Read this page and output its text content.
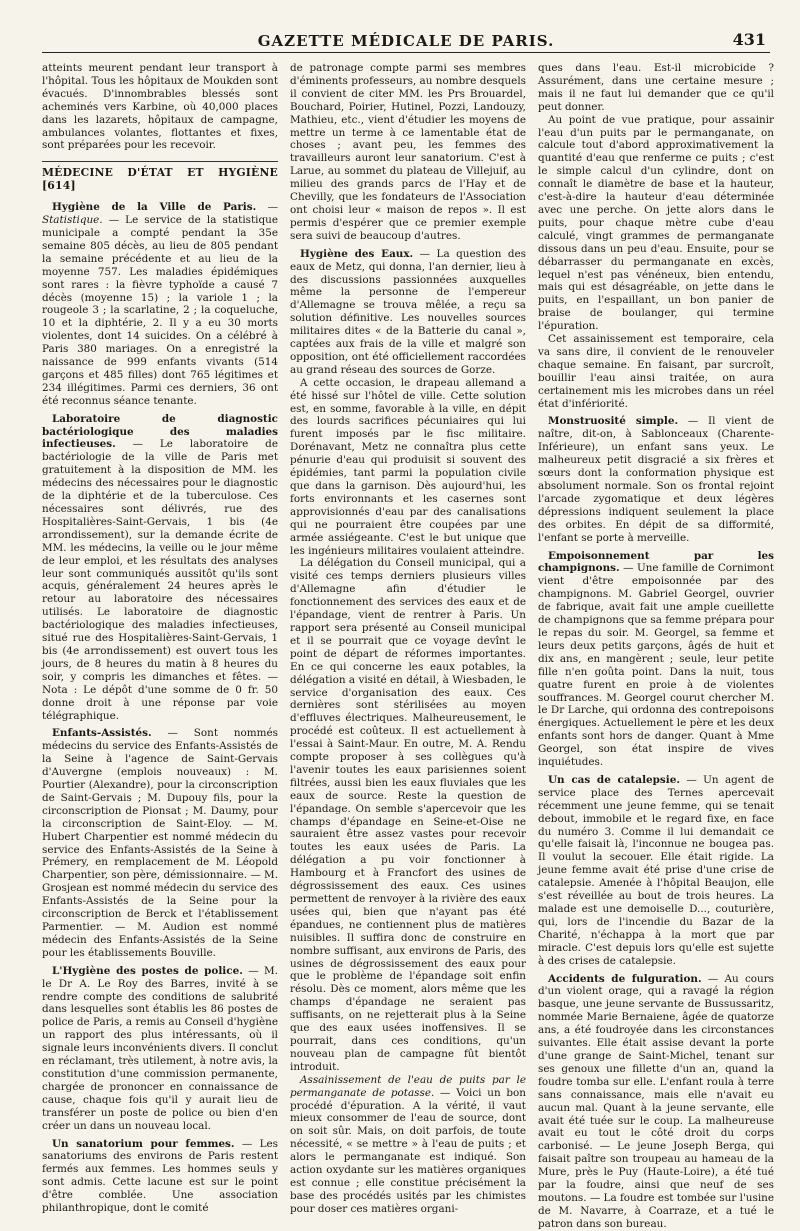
GAZETTE MÉDICALE DE PARIS.	431

atteints meurent pendant leur transport à l'hôpital. Tous les hôpitaux de Moukden sont évacués. D'innombrables blessés sont acheminés vers Karbine, où 40,000 places dans les lazarets, hôpitaux de campagne, ambulances volantes, flottantes et fixes, sont préparées pour les recevoir.

MÉDECINE D'ÉTAT ET HYGIÈNE [614]

Hygiène de la Ville de Paris. — Statistique. — Le service de la statistique municipale a compté pendant la 35e semaine 805 décès, au lieu de 805 pendant la semaine précédente et au lieu de la moyenne 757. Les maladies épidémiques sont rares : la fièvre typhoïde a causé 7 décès (moyenne 15) ; la variole 1 ; la rougeole 3 ; la scarlatine, 2 ; la coqueluche, 10 et la diphtérie, 2. Il y a eu 30 morts violentes, dont 14 suicides. On a célébré à Paris 380 mariages. On a enregistré la naissance de 999 enfants vivants (514 garçons et 485 filles) dont 765 légitimes et 234 illégitimes. Parmi ces derniers, 36 ont été reconnus séance tenante.

Laboratoire de diagnostic bactériologique des maladies infectieuses. — Le laboratoire de bactériologie de la ville de Paris met gratuitement à la disposition de MM. les médecins des nécessaires pour le diagnostic de la diphtérie et de la tuberculose. Ces nécessaires sont délivrés, rue des Hospitalières-Saint-Gervais, 1 bis (4e arrondissement), sur la demande écrite de MM. les médecins, la veille ou le jour même de leur emploi, et les résultats des analyses leur sont communiqués aussitôt qu'ils sont acquis, généralement 24 heures après le retour au laboratoire des nécessaires utilisés. Le laboratoire de diagnostic bactériologique des maladies infectieuses, situé rue des Hospitalières-Saint-Gervais, 1 bis (4e arrondissement) est ouvert tous les jours, de 8 heures du matin à 8 heures du soir, y compris les dimanches et fêtes. — Nota : Le dépôt d'une somme de 0 fr. 50 donne droit à une réponse par voie télégraphique.

Enfants-Assistés. — Sont nommés médecins du service des Enfants-Assistés de la Seine à l'agence de Saint-Gervais d'Auvergne (emplois nouveaux) : M. Pourtier (Alexandre), pour la circonscription de Saint-Gervais ; M. Dupouy fils, pour la circonscription de Pionsat ; M. Daumy, pour la circonscription de Saint-Eloy. — M. Hubert Charpentier est nommé médecin du service des Enfants-Assistés de la Seine à Prémery, en remplacement de M. Léopold Charpentier, son père, démissionnaire. — M. Grosjean est nommé médecin du service des Enfants-Assistés de la Seine pour la circonscription de Berck et l'établissement Parmentier. — M. Audion est nommé médecin des Enfants-Assistés de la Seine pour les établissements Bouville.

L'Hygiène des postes de police. — M. le Dr A. Le Roy des Barres, invité à se rendre compte des conditions de salubrité dans lesquelles sont établis les 86 postes de police de Paris, a remis au Conseil d'hygiène un rapport des plus intéressants, où il signale leurs inconvénients divers. Il conclut en réclamant, très utilement, à notre avis, la constitution d'une commission permanente, chargée de prononcer en connaissance de cause, chaque fois qu'il y aurait lieu de transférer un poste de police ou bien d'en créer un dans un nouveau local.

Un sanatorium pour femmes. — Les sanatoriums des environs de Paris restent fermés aux femmes. Les hommes seuls y sont admis. Cette lacune est sur le point d'être comblée. Une association philanthropique, dont le comité

de patronage compte parmi ses membres d'éminents professeurs, au nombre desquels il convient de citer MM. les Prs Brouardel, Bouchard, Poirier, Hutinel, Pozzi, Landouzy, Mathieu, etc., vient d'étudier les moyens de mettre un terme à ce lamentable état de choses ; avant peu, les femmes des travailleurs auront leur sanatorium. C'est à Larue, au sommet du plateau de Villejuif, au milieu des grands parcs de l'Hay et de Chevilly, que les fondateurs de l'Association ont choisi leur « maison de repos ». Il est permis d'espérer que ce premier exemple sera suivi de beaucoup d'autres.

Hygiène des Eaux. — La question des eaux de Metz, qui donna, l'an dernier, lieu à des discussions passionnées auxquelles même la personne de l'empereur d'Allemagne se trouva mêlée, a reçu sa solution définitive. Les nouvelles sources militaires dites « de la Batterie du canal », captées aux frais de la ville et malgré son opposition, ont été officiellement raccordées au grand réseau des sources de Gorze.

A cette occasion, le drapeau allemand a été hissé sur l'hôtel de ville. Cette solution est, en somme, favorable à la ville, en dépit des lourds sacrifices pécuniaires qui lui furent imposés par le fisc militaire. Dorénavant, Metz ne connaîtra plus cette pénurie d'eau qui produisit si souvent des épidémies, tant parmi la population civile que dans la garnison. Dès aujourd'hui, les forts environnants et les casernes sont approvisionnés d'eau par des canalisations qui ne pourraient être coupées par une armée assiégeante. C'est le but unique que les ingénieurs militaires voulaient atteindre.

La délégation du Conseil municipal, qui a visité ces temps derniers plusieurs villes d'Allemagne afin d'étudier le fonctionnement des services des eaux et de l'épandage, vient de rentrer à Paris. Un rapport sera présenté au Conseil municipal et il se pourrait que ce voyage devînt le point de départ de réformes importantes. En ce qui concerne les eaux potables, la délégation a visité en détail, à Wiesbaden, le service d'organisation des eaux. Ces dernières sont stérilisées au moyen d'effluves électriques. Malheureusement, le procédé est coûteux. Il est actuellement à l'essai à Saint-Maur. En outre, M. A. Rendu compte proposer à ses collègues qu'à l'avenir toutes les eaux parisiennes soient filtrées, aussi bien les eaux fluviales que les eaux de source. Reste la question de l'épandage. On semble s'apercevoir que les champs d'épandage en Seine-et-Oise ne sauraient être assez vastes pour recevoir toutes les eaux usées de Paris. La délégation a pu voir fonctionner à Hambourg et à Francfort des usines de dégrossissement des eaux. Ces usines permettent de renvoyer à la rivière des eaux usées qui, bien que n'ayant pas été épandues, ne contiennent plus de matières nuisibles. Il suffira donc de construire en nombre suffisant, aux environs de Paris, des usines de dégrossissement des eaux pour que le problème de l'épandage soit enfin résolu. Dès ce moment, alors même que les champs d'épandage ne seraient pas suffisants, on ne rejetterait plus à la Seine que des eaux usées inoffensives. Il se pourrait, dans ces conditions, qu'un nouveau plan de campagne fût bientôt introduit.

Assainissement de l'eau de puits par le permanganate de potasse. — Voici un bon procédé d'épuration. A la vérité, il vaut mieux consommer de l'eau de source, dont on soit sûr. Mais, on doit parfois, de toute nécessité, « se mettre » à l'eau de puits ; et alors le permanganate est indiqué. Son action oxydante sur les matières organiques est connue ; elle constitue précisément la base des procédés usités par les chimistes pour doser ces matières organi-

ques dans l'eau. Est-il microbicide ? Assurément, dans une certaine mesure ; mais il ne faut lui demander que ce qu'il peut donner.

Au point de vue pratique, pour assainir l'eau d'un puits par le permanganate, on calcule tout d'abord approximativement la quantité d'eau que renferme ce puits ; c'est le simple calcul d'un cylindre, dont on connaît le diamètre de base et la hauteur, c'est-à-dire la hauteur d'eau déterminée avec une perche. On jette alors dans le puits, pour chaque mètre cube d'eau calculé, vingt grammes de permanganate dissous dans un peu d'eau. Ensuite, pour se débarrasser du permanganate en excès, lequel n'est pas vénéneux, bien entendu, mais qui est désagréable, on jette dans le puits, en l'espaillant, un bon panier de braise de boulanger, qui termine l'épuration.

Cet assainissement est temporaire, cela va sans dire, il convient de le renouveler chaque semaine. En faisant, par surcroît, bouillir l'eau ainsi traitée, on aura certainement mis les microbes dans un réel état d'infériorité.

Monstruosité simple. — Il vient de naître, dit-on, à Sablonceaux (Charente-Inférieure), un enfant sans yeux. Le malheureux petit disgracié a six frères et sœurs dont la conformation physique est absolument normale. Son os frontal rejoint l'arcade zygomatique et deux légères dépressions indiquent seulement la place des orbites. En dépit de sa difformité, l'enfant se porte à merveille.

Empoisonnement par les champignons. — Une famille de Cornimont vient d'être empoisonnée par des champignons. M. Gabriel Georgel, ouvrier de fabrique, avait fait une ample cueillette de champignons que sa femme prépara pour le repas du soir. M. Georgel, sa femme et leurs deux petits garçons, âgés de huit et dix ans, en mangèrent ; seule, leur petite fille n'en goûta point. Dans la nuit, tous quatre furent en proie à de violentes souffrances. M. Georgel courut chercher M. le Dr Larche, qui ordonna des contrepoisons énergiques. Actuellement le père et les deux enfants sont hors de danger. Quant à Mme Georgel, son état inspire de vives inquiétudes.

Un cas de catalepsie. — Un agent de service place des Ternes apercevait récemment une jeune femme, qui se tenait debout, immobile et le regard fixe, en face du numéro 3. Comme il lui demandait ce qu'elle faisait là, l'inconnue ne bougea pas. Il voulut la secouer. Elle était rigide. La jeune femme avait été prise d'une crise de catalepsie. Amenée à l'hôpital Beaujon, elle s'est réveillée au bout de trois heures. La malade est une demoiselle D..., couturière, qui, lors de l'incendie du Bazar de la Charité, n'échappa à la mort que par miracle. C'est depuis lors qu'elle est sujette à des crises de catalepsie.

Accidents de fulguration. — Au cours d'un violent orage, qui a ravagé la région basque, une jeune servante de Bussussaritz, nommée Marie Bernaiene, âgée de quatorze ans, a été foudroyée dans les circonstances suivantes. Elle était assise devant la porte d'une grange de Saint-Michel, tenant sur ses genoux une fillette d'un an, quand la foudre tomba sur elle. L'enfant roula à terre sans connaissance, mais elle n'avait eu aucun mal. Quant à la jeune servante, elle avait été tuée sur le coup. La malheureuse avait eu tout le côté droit du corps carbonisé. — Le jeune Joseph Berga, qui faisait paître son troupeau au hameau de la Mure, près le Puy (Haute-Loire), a été tué par la foudre, ainsi que neuf de ses moutons. — La foudre est tombée sur l'usine de M. Navarre, à Coarraze, et a tué le patron dans son bureau.
